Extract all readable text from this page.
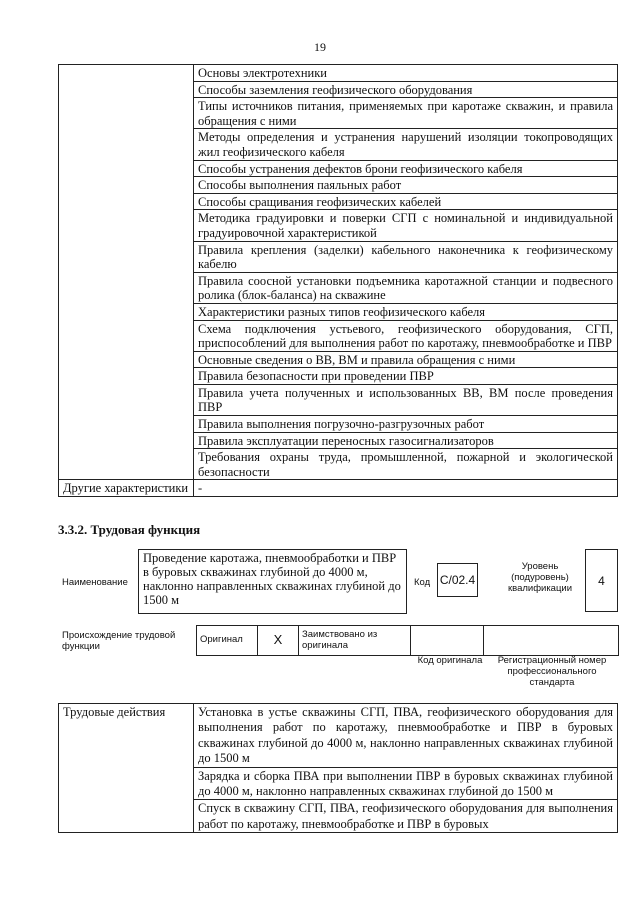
19
	Основы электротехники
	Способы заземления геофизического оборудования
	Типы источников питания, применяемых при каротаже скважин, и правила обращения с ними
	Методы определения и устранения нарушений изоляции токопроводящих жил геофизического кабеля
	Способы устранения дефектов брони геофизического кабеля
	Способы выполнения паяльных работ
	Способы сращивания геофизических кабелей
	Методика градуировки и поверки СГП с номинальной и индивидуальной градуировочной характеристикой
	Правила крепления (заделки) кабельного наконечника к геофизическому кабелю
	Правила соосной установки подъемника каротажной станции и подвесного ролика (блок-баланса) на скважине
	Характеристики разных типов геофизического кабеля
	Схема подключения устьевого, геофизического оборудования, СГП, приспособлений для выполнения работ по каротажу, пневмообработке и ПВР
	Основные сведения о ВВ, ВМ и правила обращения с ними
	Правила безопасности при проведении ПВР
	Правила учета полученных и использованных ВВ, ВМ после проведения ПВР
	Правила выполнения погрузочно-разгрузочных работ
	Правила эксплуатации переносных газосигнализаторов
	Требования охраны труда, промышленной, пожарной и экологической безопасности
Другие характеристики	-
3.3.2. Трудовая функция
Наименование
Проведение каротажа, пневмообработки и ПВР в буровых скважинах глубиной до 4000 м, наклонно направленных скважинах глубиной до 1500 м
Код С/02.4
Уровень (подуровень) квалификации
4
Происхождение трудовой функции
Оригинал	X	Заимствовано из оригинала		
Код оригинала	Регистрационный номер профессионального стандарта
Трудовые действия	Установка в устье скважины СГП, ПВА, геофизического оборудования для выполнения работ по каротажу, пневмообработке и ПВР в буровых скважинах глубиной до 4000 м, наклонно направленных скважинах глубиной до 1500 м
Зарядка и сборка ПВА при выполнении ПВР в буровых скважинах глубиной до 4000 м, наклонно направленных скважинах глубиной до 1500 м
Спуск в скважину СГП, ПВА, геофизического оборудования для выполнения работ по каротажу, пневмообработке и ПВР в буровых
